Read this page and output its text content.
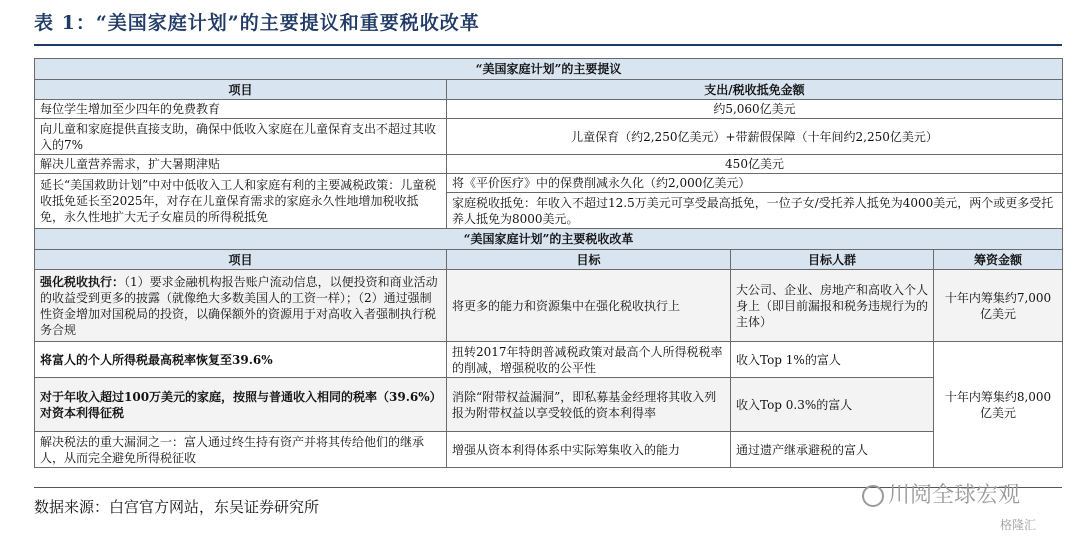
表 1：“美国家庭计划”的主要提议和重要税收改革
“美国家庭计划”的主要提议			
项目	支出/税收抵免金额		
每位学生增加至少四年的免费教育	约5,060亿美元		
向儿童和家庭提供直接支助，确保中低收入家庭在儿童保育支出不超过其收入的7%	儿童保育（约2,250亿美元）+带薪假保障（十年间约2,250亿美元）		
解决儿童营养需求，扩大暑期津贴	450亿美元		
延长“美国救助计划”中对中低收入工人和家庭有利的主要减税政策：儿童税收抵免延长至2025年，对存在儿童保育需求的家庭永久性地增加税收抵免，永久性地扩大无子女雇员的所得税抵免	将《平价医疗》中的保费削减永久化（约2,000亿美元）		
	家庭税收抵免：年收入不超过12.5万美元可享受最高抵免，一位子女/受托养人抵免为4000美元，两个或更多受托养人抵免为8000美元。		
“美国家庭计划”的主要税收改革			
项目	目标	目标人群	筹资金额
强化税收执行：（1）要求金融机构报告账户流动信息，以便投资和商业活动的收益受到更多的披露（就像绝大多数美国人的工资一样）；（2）通过强制性资金增加对国税局的投资，以确保额外的资源用于对高收入者强制执行税务合规	将更多的能力和资源集中在强化税收执行上	大公司、企业、房地产和高收入个人身上（即目前漏报和税务违规行为的主体）	十年内筹集约7,000亿美元
将富人的个人所得税最高税率恢复至39.6%	扭转2017年特朗普减税政策对最高个人所得税税率的削减，增强税收的公平性	收入Top 1%的富人	十年内筹集约8,000亿美元
对于年收入超过100万美元的家庭，按照与普通收入相同的税率（39.6%）对资本利得征税	消除“附带权益漏洞”，即私募基金经理将其收入列报为附带权益以享受较低的资本利得率	收入Top 0.3%的富人	
解决税法的重大漏洞之一：富人通过终生持有资产并将其传给他们的继承人，从而完全避免所得税征收	增强从资本利得体系中实际筹集收入的能力	通过遗产继承避税的富人	
数据来源：白宫官方网站，东吴证券研究所	川阅全球宏观
格隆汇
